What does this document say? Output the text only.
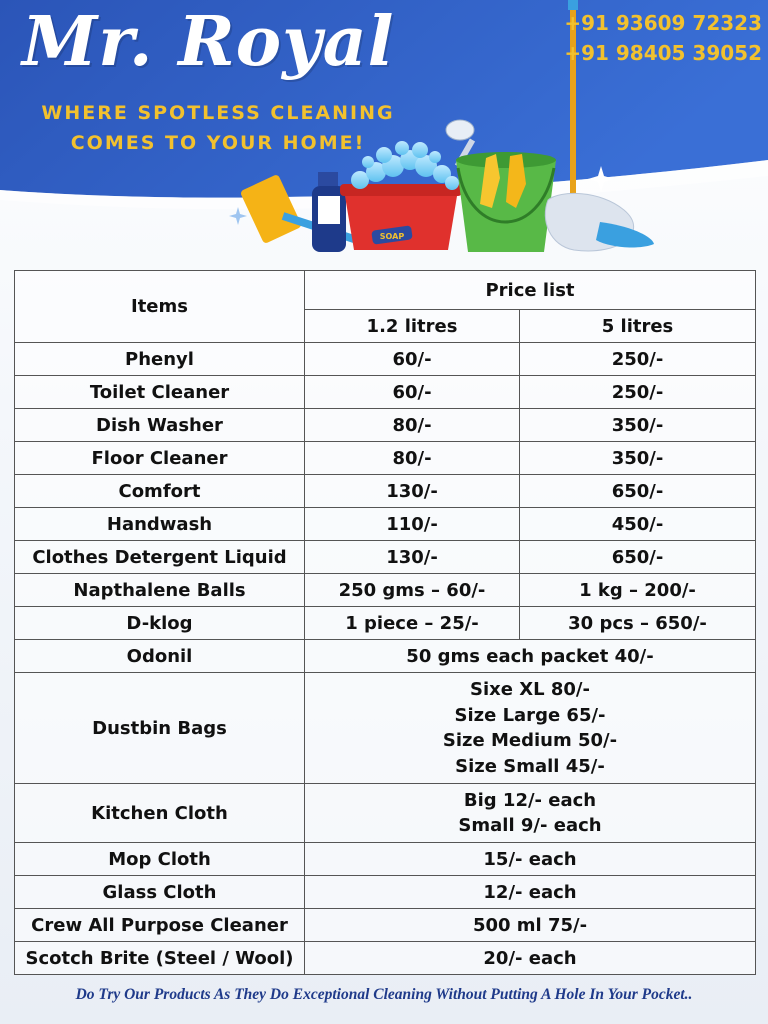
SOAP
Mr. Royal
WHERE SPOTLESS CLEANING
COMES TO YOUR HOME!
+91 93609 72323
+91 98405 39052
Items	Price list	
	1.2 litres	5 litres
Phenyl	60/-	250/-
Toilet Cleaner	60/-	250/-
Dish Washer	80/-	350/-
Floor Cleaner	80/-	350/-
Comfort	130/-	650/-
Handwash	110/-	450/-
Clothes Detergent Liquid	130/-	650/-
Napthalene Balls	250 gms – 60/-	1 kg – 200/-
D-klog	1 piece – 25/-	30 pcs – 650/-
Odonil	50 gms each packet 40/-	
Dustbin Bags	Sixe XL 80/-
Size Large 65/-
Size Medium 50/-
Size Small 45/-	

Kitchen Cloth	Big 12/- each
Small 9/- each	

Mop Cloth	15/- each	
Glass Cloth	12/- each	
Crew All Purpose Cleaner	500 ml 75/-	
Scotch Brite (Steel / Wool)	20/- each	
Do Try Our Products As They Do Exceptional Cleaning Without Putting A Hole In Your Pocket..
